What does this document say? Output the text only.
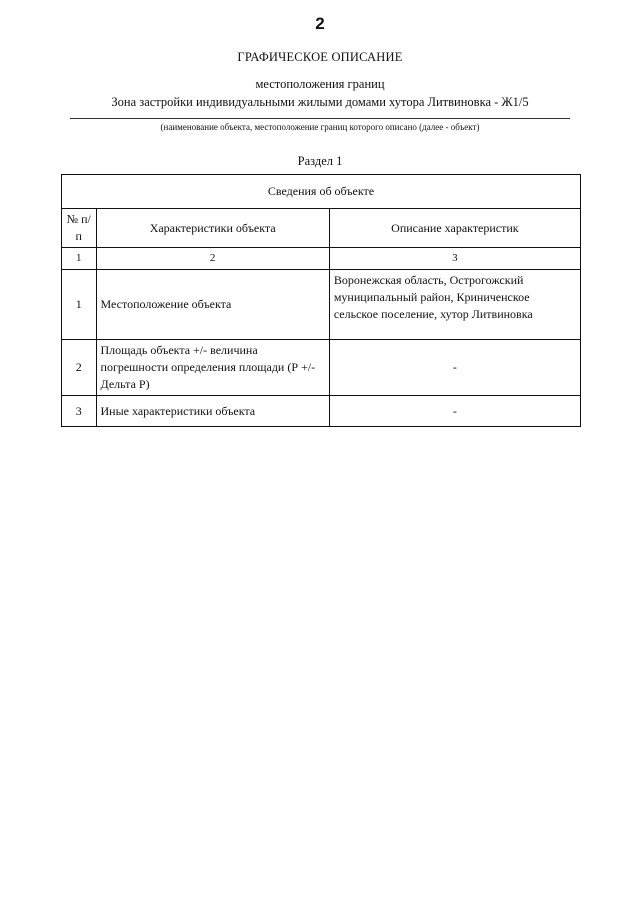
2
ГРАФИЧЕСКОЕ ОПИСАНИЕ
местоположения границ
Зона застройки индивидуальными жилыми домами хутора Литвиновка - Ж1/5
(наименование объекта, местоположение границ которого описано (далее - объект)
Раздел 1
Сведения об объекте		
№ п/п	Характеристики объекта	Описание характеристик
1	2	3
1	Местоположение объекта	Воронежская область, Острогожский муниципальный район, Криниченское сельское поселение, хутор Литвиновка
2	Площадь объекта +/- величина погрешности определения площади (Р +/- Дельта Р)	-
3	Иные характеристики объекта	-
